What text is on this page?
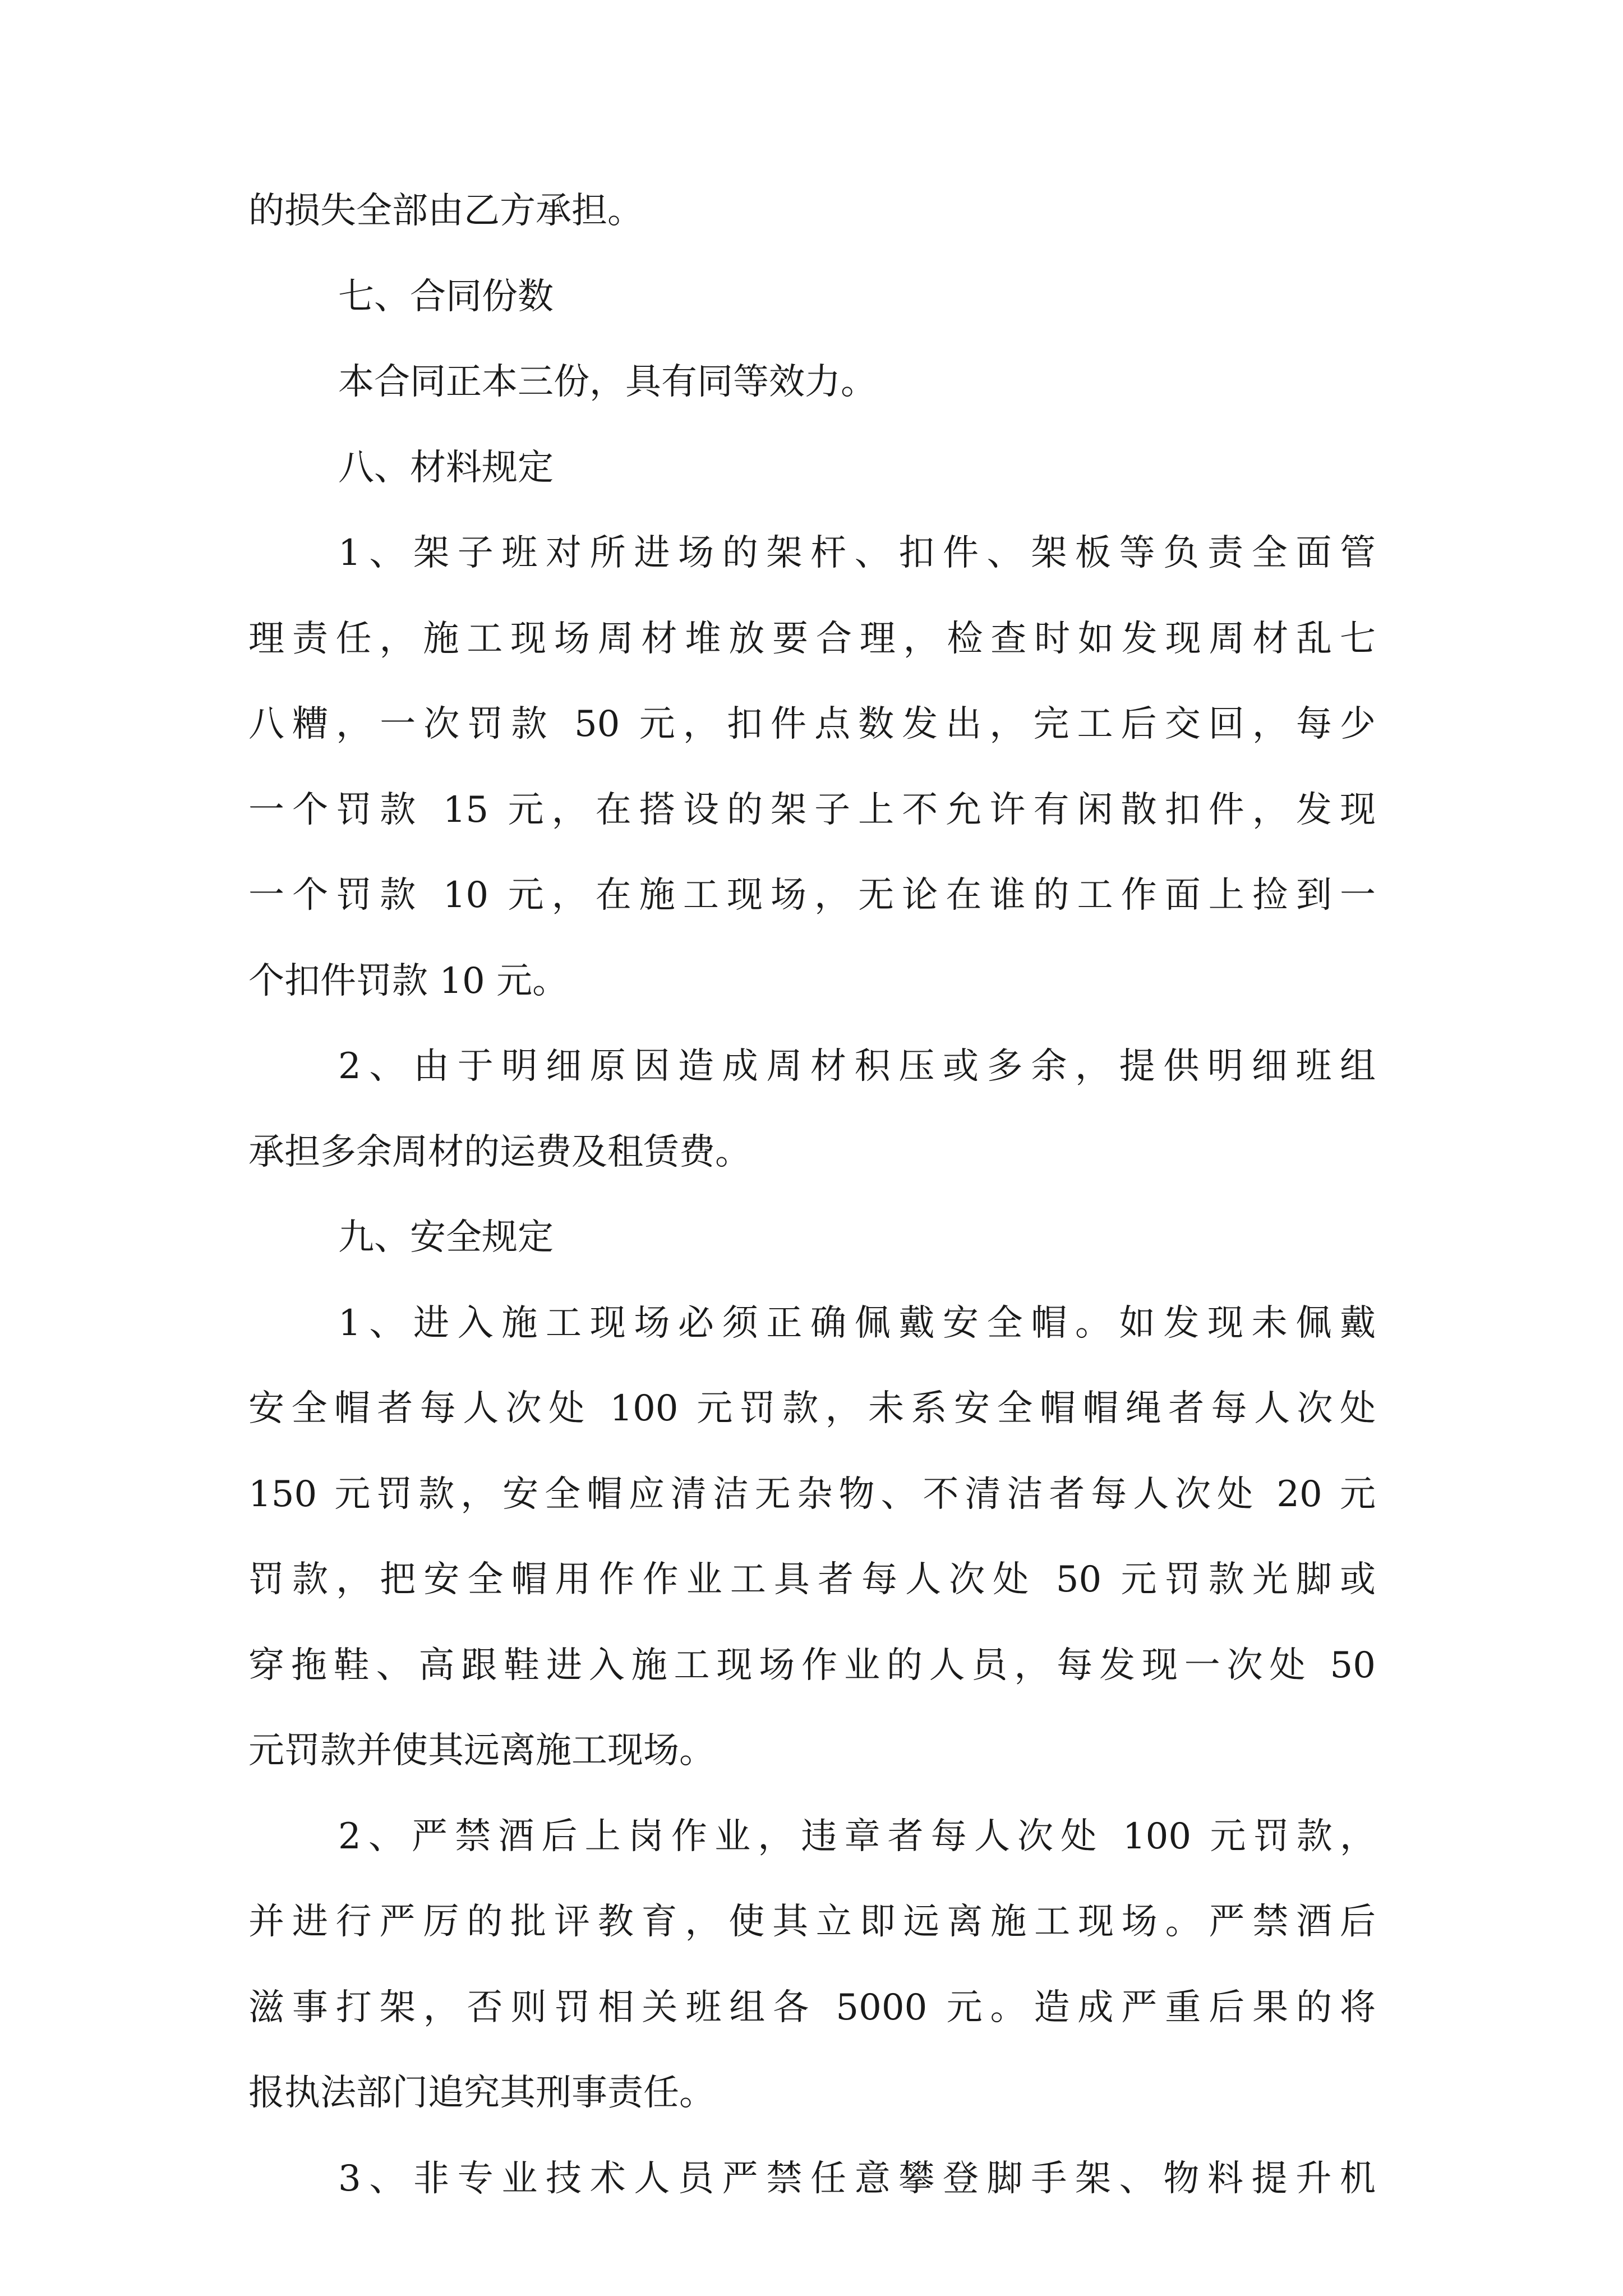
的损失全部由乙方承担。
七、合同份数
本合同正本三份，具有同等效力。
八、材料规定
1、架子班对所进场的架杆、扣件、架板等负责全面管
理责任，施工现场周材堆放要合理，检查时如发现周材乱七
八糟，一次罚款 50 元，扣件点数发出，完工后交回，每少
一个罚款 15 元，在搭设的架子上不允许有闲散扣件，发现
一个罚款 10 元，在施工现场，无论在谁的工作面上捡到一
个扣件罚款 10 元。
2、由于明细原因造成周材积压或多余，提供明细班组
承担多余周材的运费及租赁费。
九、安全规定
1、进入施工现场必须正确佩戴安全帽。如发现未佩戴
安全帽者每人次处 100 元罚款，未系安全帽帽绳者每人次处
150 元罚款，安全帽应清洁无杂物、不清洁者每人次处 20 元
罚款，把安全帽用作作业工具者每人次处 50 元罚款光脚或
穿拖鞋、高跟鞋进入施工现场作业的人员，每发现一次处 50
元罚款并使其远离施工现场。
2、严禁酒后上岗作业，违章者每人次处 100 元罚款，
并进行严厉的批评教育，使其立即远离施工现场。严禁酒后
滋事打架，否则罚相关班组各 5000 元。造成严重后果的将
报执法部门追究其刑事责任。
3、非专业技术人员严禁任意攀登脚手架、物料提升机
